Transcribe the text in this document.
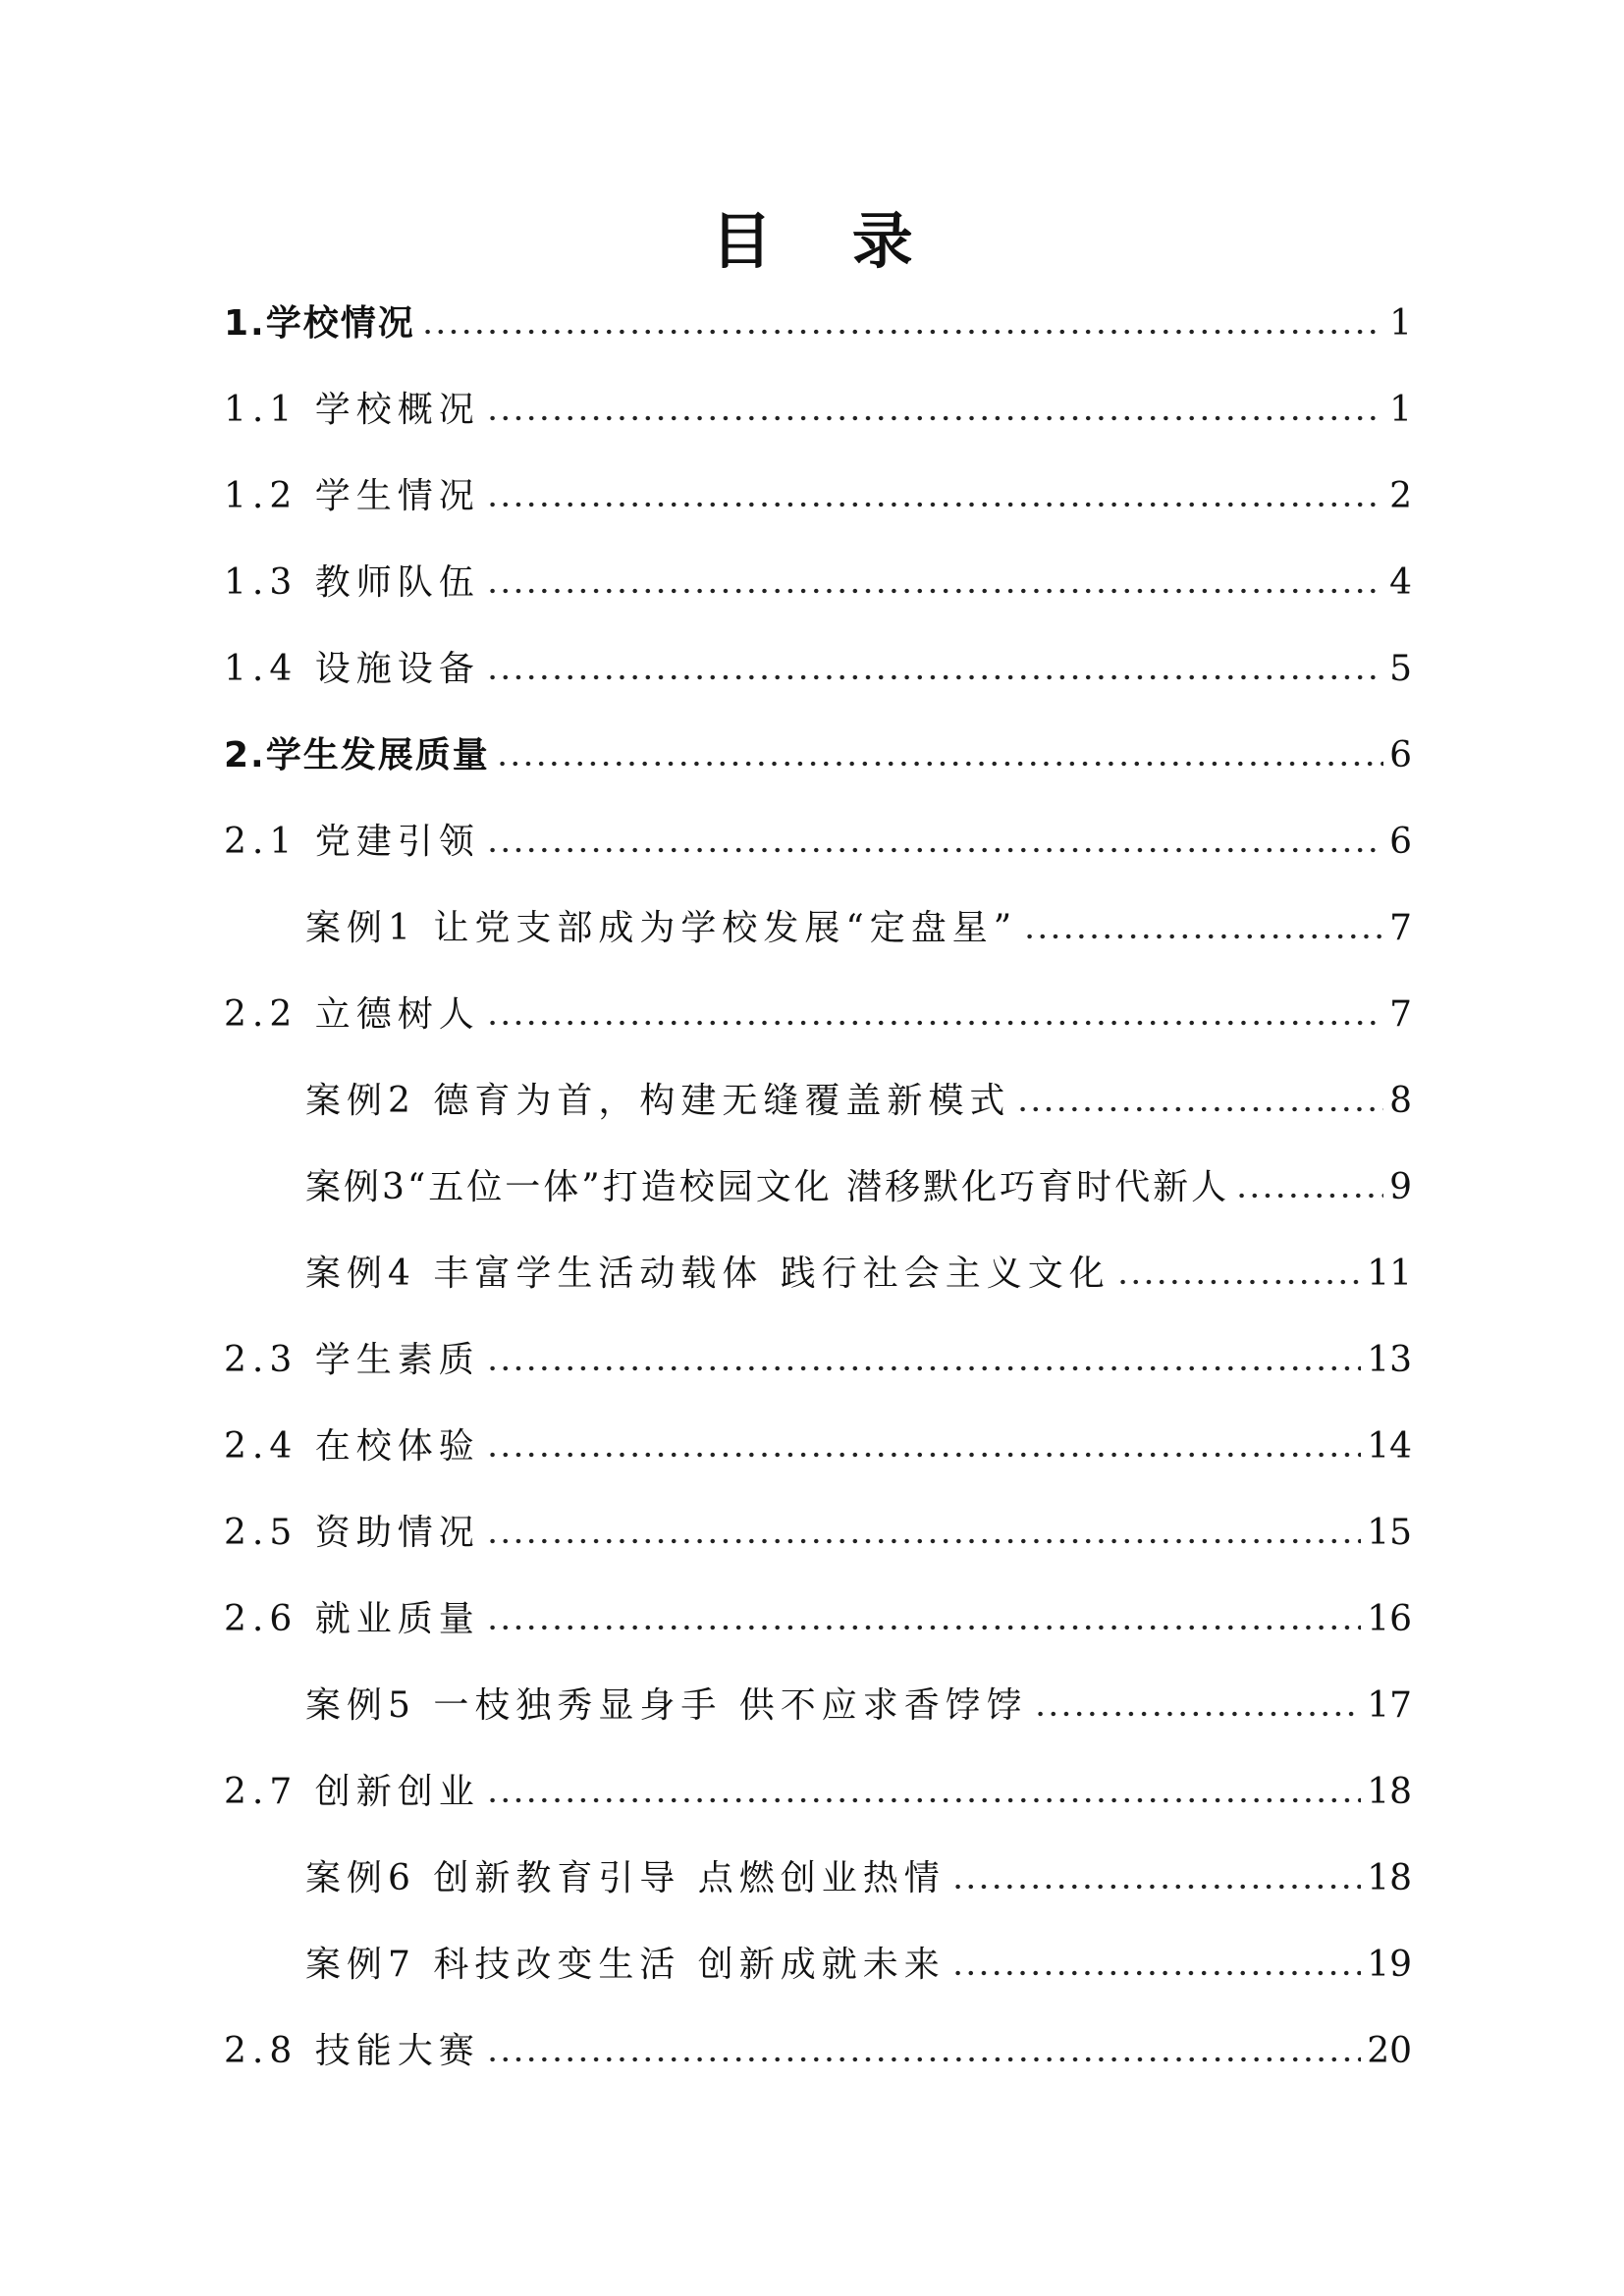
目 录
1.学校情况	1
1.1 学校概况	1
1.2 学生情况	2
1.3 教师队伍	4
1.4 设施设备	5
2.学生发展质量	6
2.1 党建引领	6
案例1 让党支部成为学校发展“定盘星”	7
2.2 立德树人	7
案例2 德育为首，构建无缝覆盖新模式	8
案例3“五位一体”打造校园文化 潜移默化巧育时代新人	9
案例4 丰富学生活动载体 践行社会主义文化	11
2.3 学生素质	13
2.4 在校体验	14
2.5 资助情况	15
2.6 就业质量	16
案例5 一枝独秀显身手 供不应求香饽饽	17
2.7 创新创业	18
案例6 创新教育引导 点燃创业热情	18
案例7 科技改变生活 创新成就未来	19
2.8 技能大赛	20
